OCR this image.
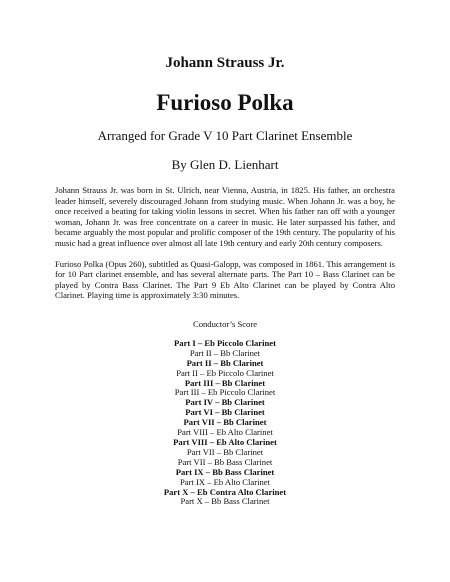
Johann Strauss Jr.
Furioso Polka
Arranged for Grade V 10 Part Clarinet Ensemble
By Glen D. Lienhart

Johann Strauss Jr. was born in St. Ulrich, near Vienna, Austria, in 1825. His father, an orchestra leader himself, severely discouraged Johann from studying music. When Johann Jr. was a boy, he once received a beating for taking violin lessons in secret. When his father ran off with a younger woman, Johann Jr. was free concentrate on a career in music. He later surpassed his father, and became arguably the most popular and prolific composer of the 19th century. The popularity of his music had a great influence over almost all late 19th century and early 20th century composers.

Furioso Polka (Opus 260), subtitled as Quasi-Galopp, was composed in 1861. This arrangement is for 10 Part clarinet ensemble, and has several alternate parts. The Part 10 – Bass Clarinet can be played by Contra Bass Clarinet. The Part 9 Eb Alto Clarinet can be played by Contra Alto Clarinet. Playing time is approximately 3:30 minutes.

Conductor’s Score
Part I – Eb Piccolo Clarinet
Part II – Bb Clarinet
Part II – Bb Clarinet
Part II – Eb Piccolo Clarinet
Part III – Bb Clarinet
Part III – Eb Piccolo Clarinet
Part IV – Bb Clarinet
Part VI – Bb Clarinet
Part VII – Bb Clarinet
Part VIII – Eb Alto Clarinet
Part VIII – Eb Alto Clarinet
Part VII – Bb Clarinet
Part VII – Bb Bass Clarinet
Part IX – Bb Bass Clarinet
Part IX – Eb Alto Clarinet
Part X – Eb Contra Alto Clarinet
Part X – Bb Bass Clarinet
